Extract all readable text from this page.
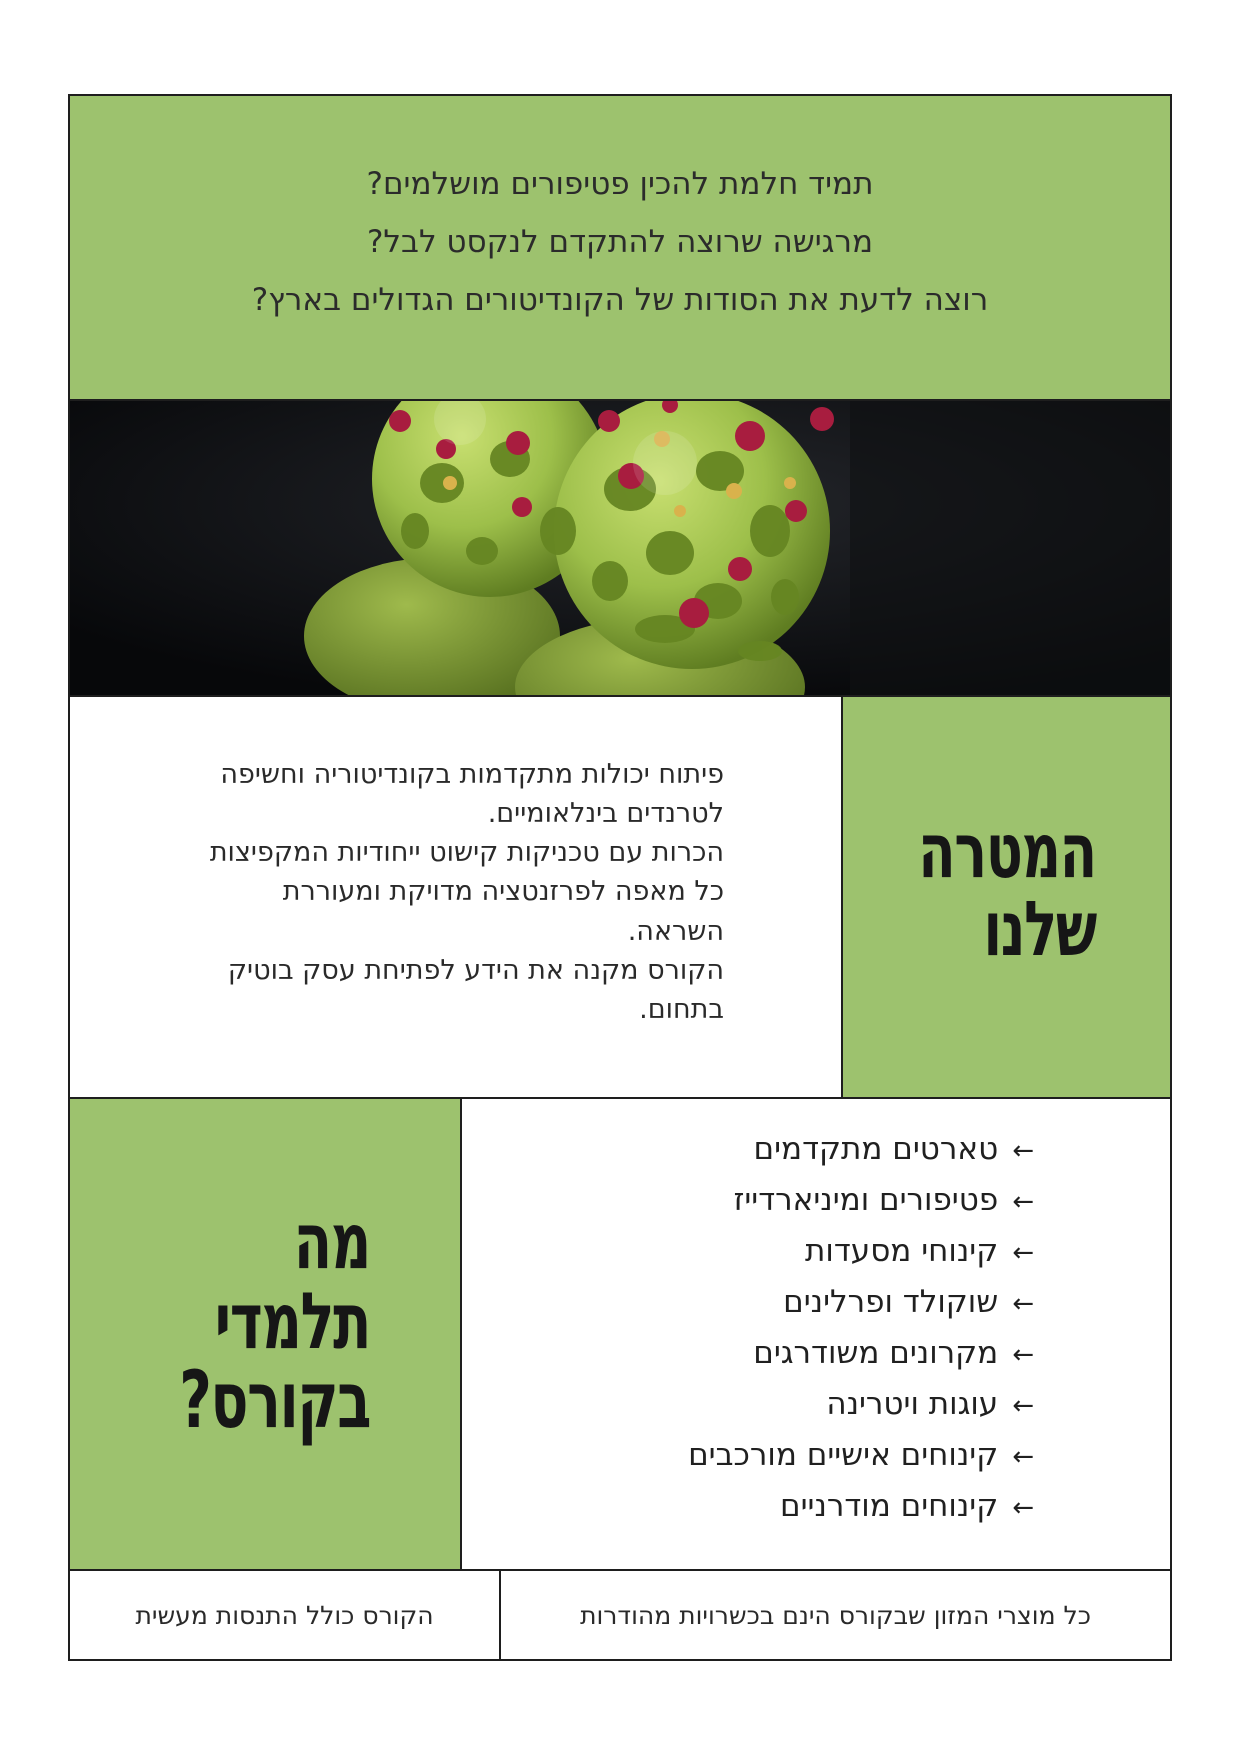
תמיד חלמת להכין פטיפורים מושלמים?
מרגישה שרוצה להתקדם לנקסט לבל?
רוצה לדעת את הסודות של הקונדיטורים הגדולים בארץ?

פיתוח יכולות מתקדמות בקונדיטוריה וחשיפה

לטרנדים בינלאומיים.

הכרות עם טכניקות קישוט ייחודיות המקפיצות

כל מאפה לפרזנטציה מדויקת ומעוררת

השראה.

הקורס מקנה את הידע לפתיחת עסק בוטיק

בתחום.

המטרה
שלנו
מה
תלמדי
בקורס?
←טארטים מתקדמים
←פטיפורים ומיניארדייז
←קינוחי מסעדות
←שוקולד ופרלינים
←מקרונים משודרגים
←עוגות ויטרינה
←קינוחים אישיים מורכבים
←קינוחים מודרניים
הקורס כולל התנסות מעשית	כל מוצרי המזון שבקורס הינם בכשרויות מהודרות
